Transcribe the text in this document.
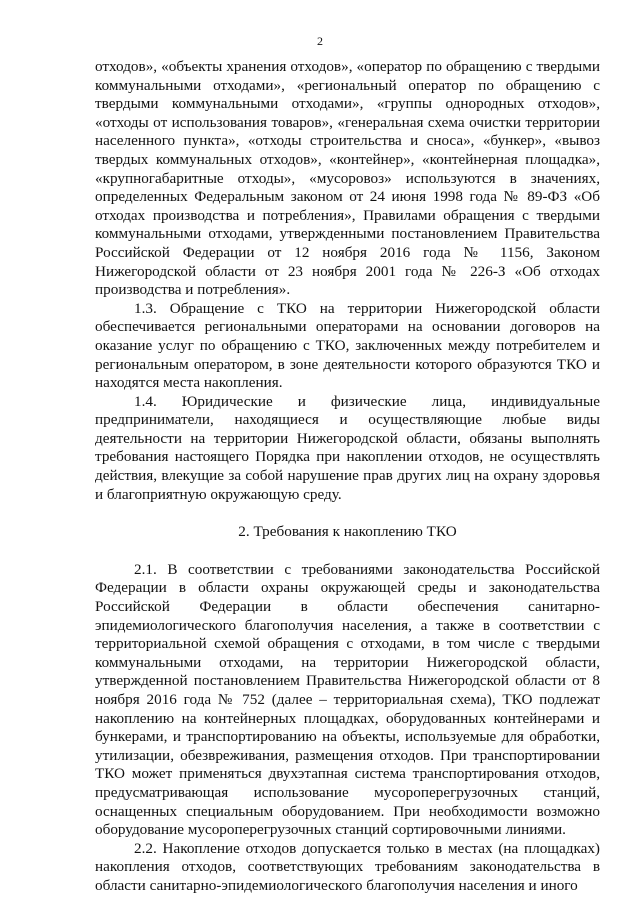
2

отходов», «объекты хранения отходов», «оператор по обращению с твердыми коммунальными отходами», «региональный оператор по обращению с твердыми коммунальными отходами», «группы однородных отходов», «отходы от использования товаров», «генеральная схема очистки территории населенного пункта», «отходы строительства и сноса», «бункер», «вывоз твердых коммунальных отходов», «контейнер», «контейнерная площадка», «крупногабаритные отходы», «мусоровоз» используются в значениях, определенных Федеральным законом от 24 июня 1998 года № 89-ФЗ «Об отходах производства и потребления», Правилами обращения с твердыми коммунальными отходами, утвержденными постановлением Правительства Российской Федерации от 12 ноября 2016 года № 1156, Законом Нижегородской области от 23 ноября 2001 года № 226-З «Об отходах производства и потребления».

1.3. Обращение с ТКО на территории Нижегородской области обеспечивается региональными операторами на основании договоров на оказание услуг по обращению с ТКО, заключенных между потребителем и региональным оператором, в зоне деятельности которого образуются ТКО и находятся места накопления.

1.4. Юридические и физические лица, индивидуальные предприниматели, находящиеся и осуществляющие любые виды деятельности на территории Нижегородской области, обязаны выполнять требования настоящего Порядка при накоплении отходов, не осуществлять действия, влекущие за собой нарушение прав других лиц на охрану здоровья и благоприятную окружающую среду.

2. Требования к накоплению ТКО

2.1. В соответствии с требованиями законодательства Российской Федерации в области охраны окружающей среды и законодательства Российской Федерации в области обеспечения санитарно-эпидемиологического благополучия населения, а также в соответствии с территориальной схемой обращения с отходами, в том числе с твердыми коммунальными отходами, на территории Нижегородской области, утвержденной постановлением Правительства Нижегородской области от 8 ноября 2016 года № 752 (далее – территориальная схема), ТКО подлежат накоплению на контейнерных площадках, оборудованных контейнерами и бункерами, и транспортированию на объекты, используемые для обработки, утилизации, обезвреживания, размещения отходов. При транспортировании ТКО может применяться двухэтапная система транспортирования отходов, предусматривающая использование мусороперегрузочных станций, оснащенных специальным оборудованием. При необходимости возможно оборудование мусороперегрузочных станций сортировочными линиями.

2.2. Накопление отходов допускается только в местах (на площадках) накопления отходов, соответствующих требованиям законодательства в области санитарно-эпидемиологического благополучия населения и иного
